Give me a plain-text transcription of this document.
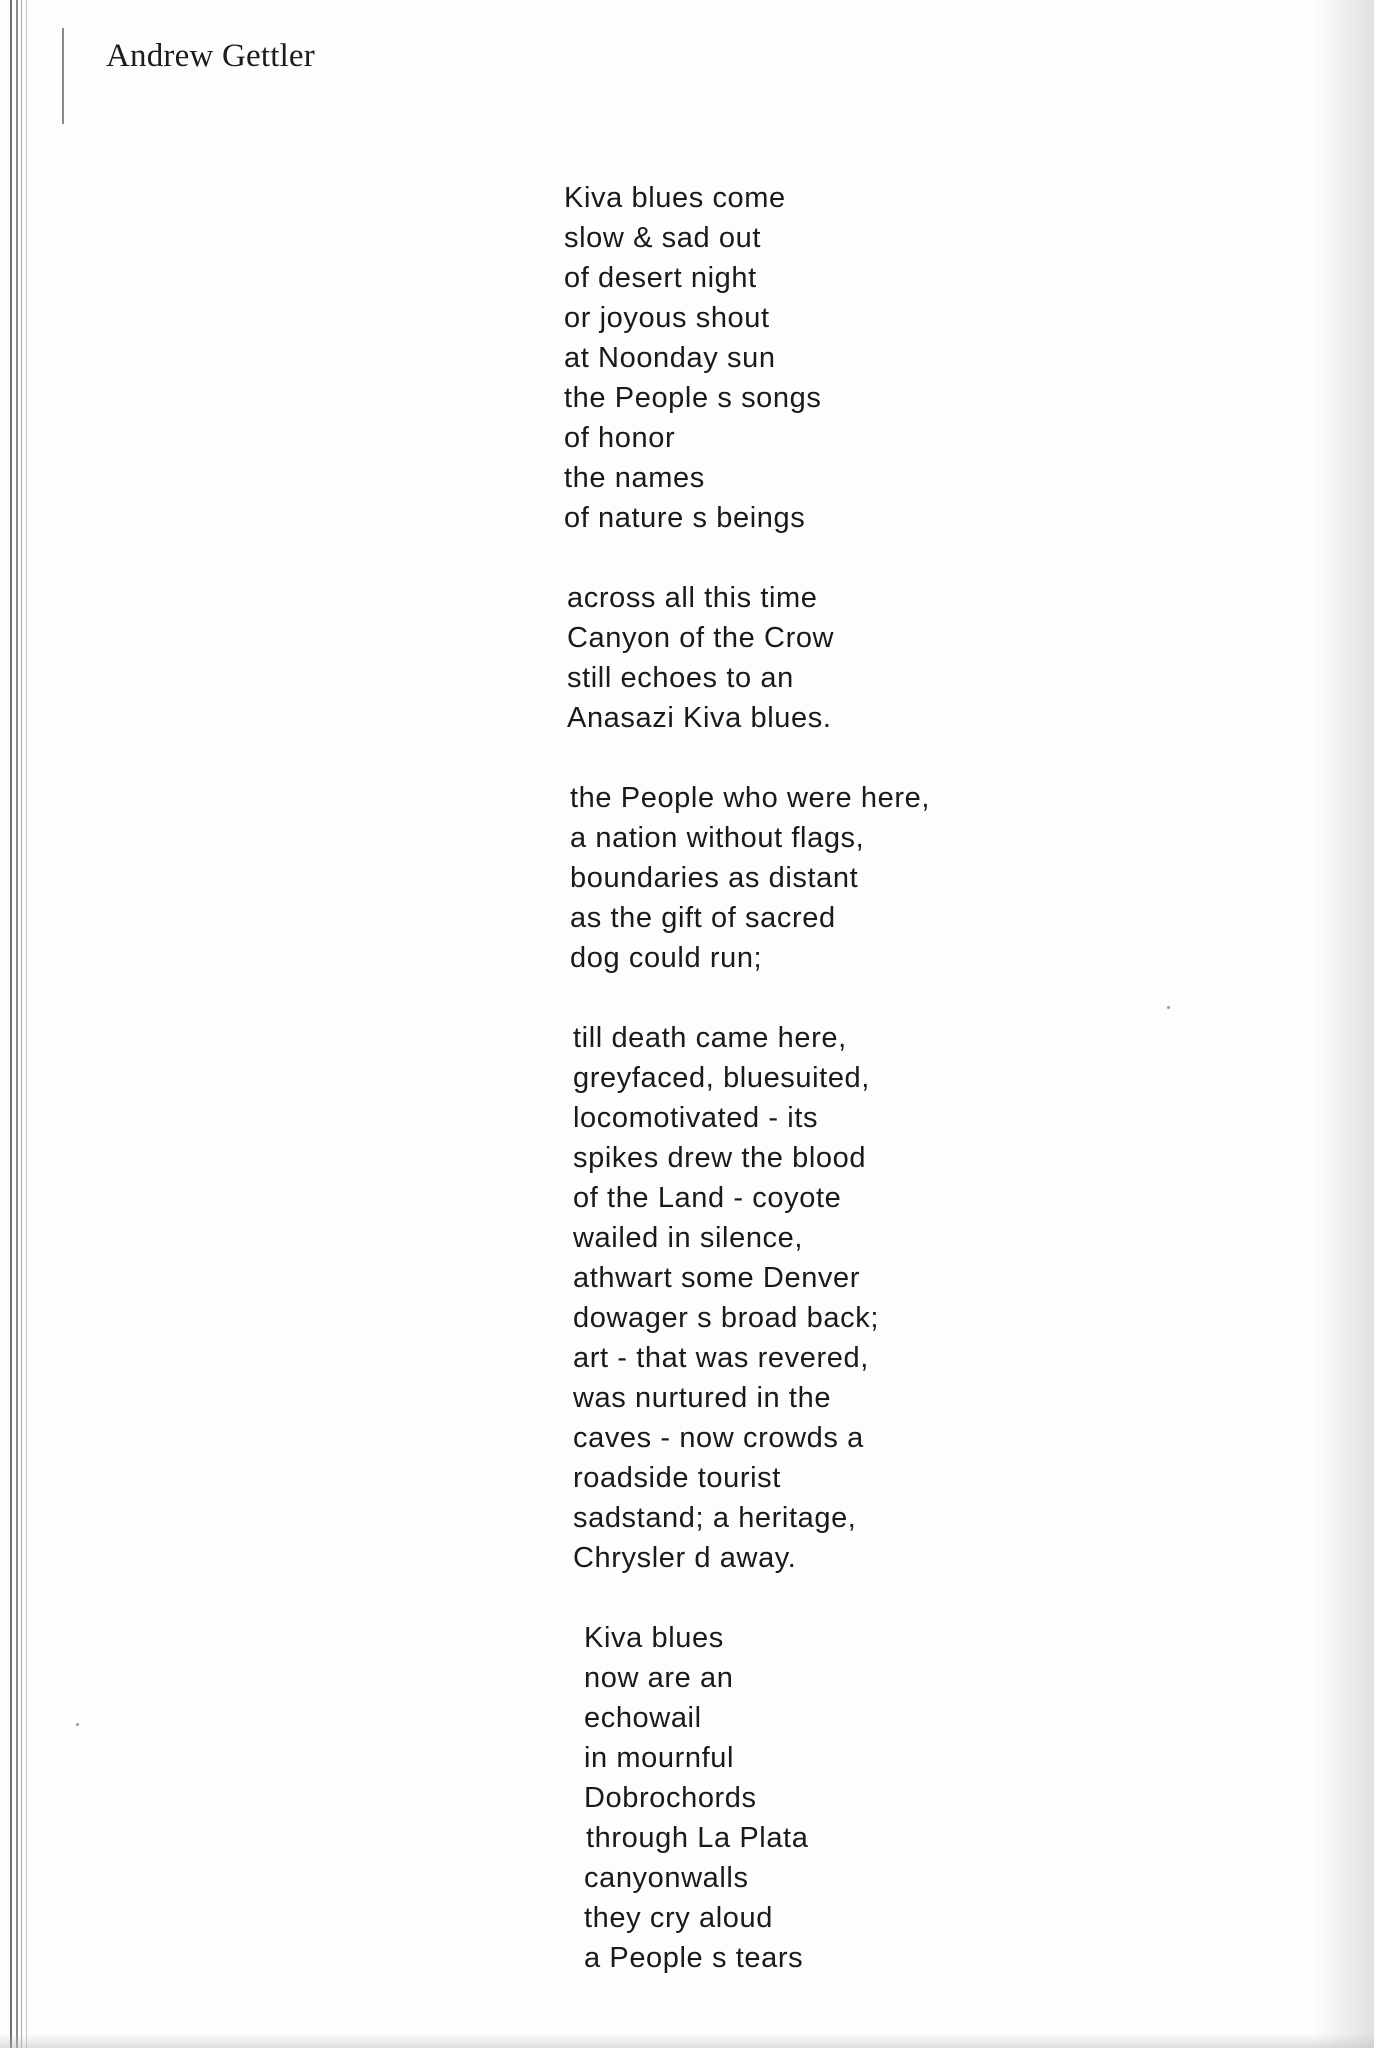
Andrew Gettler
Kiva blues come
slow & sad out
of desert night
or joyous shout
at Noonday sun
the People s songs
of honor
the names
of nature s beings
across all this time
Canyon of the Crow
still echoes to an
Anasazi Kiva blues.
the People who were here,
a nation without flags,
boundaries as distant
as the gift of sacred
dog could run;
till death came here,
greyfaced, bluesuited,
locomotivated - its
spikes drew the blood
of the Land - coyote
wailed in silence,
athwart some Denver
dowager s broad back;
art - that was revered,
was nurtured in the
caves - now crowds a
roadside tourist
sadstand; a heritage,
Chrysler d away.
Kiva blues
now are an
echowail
in mournful
Dobrochords
through La Plata
canyonwalls
they cry aloud
a People s tears
